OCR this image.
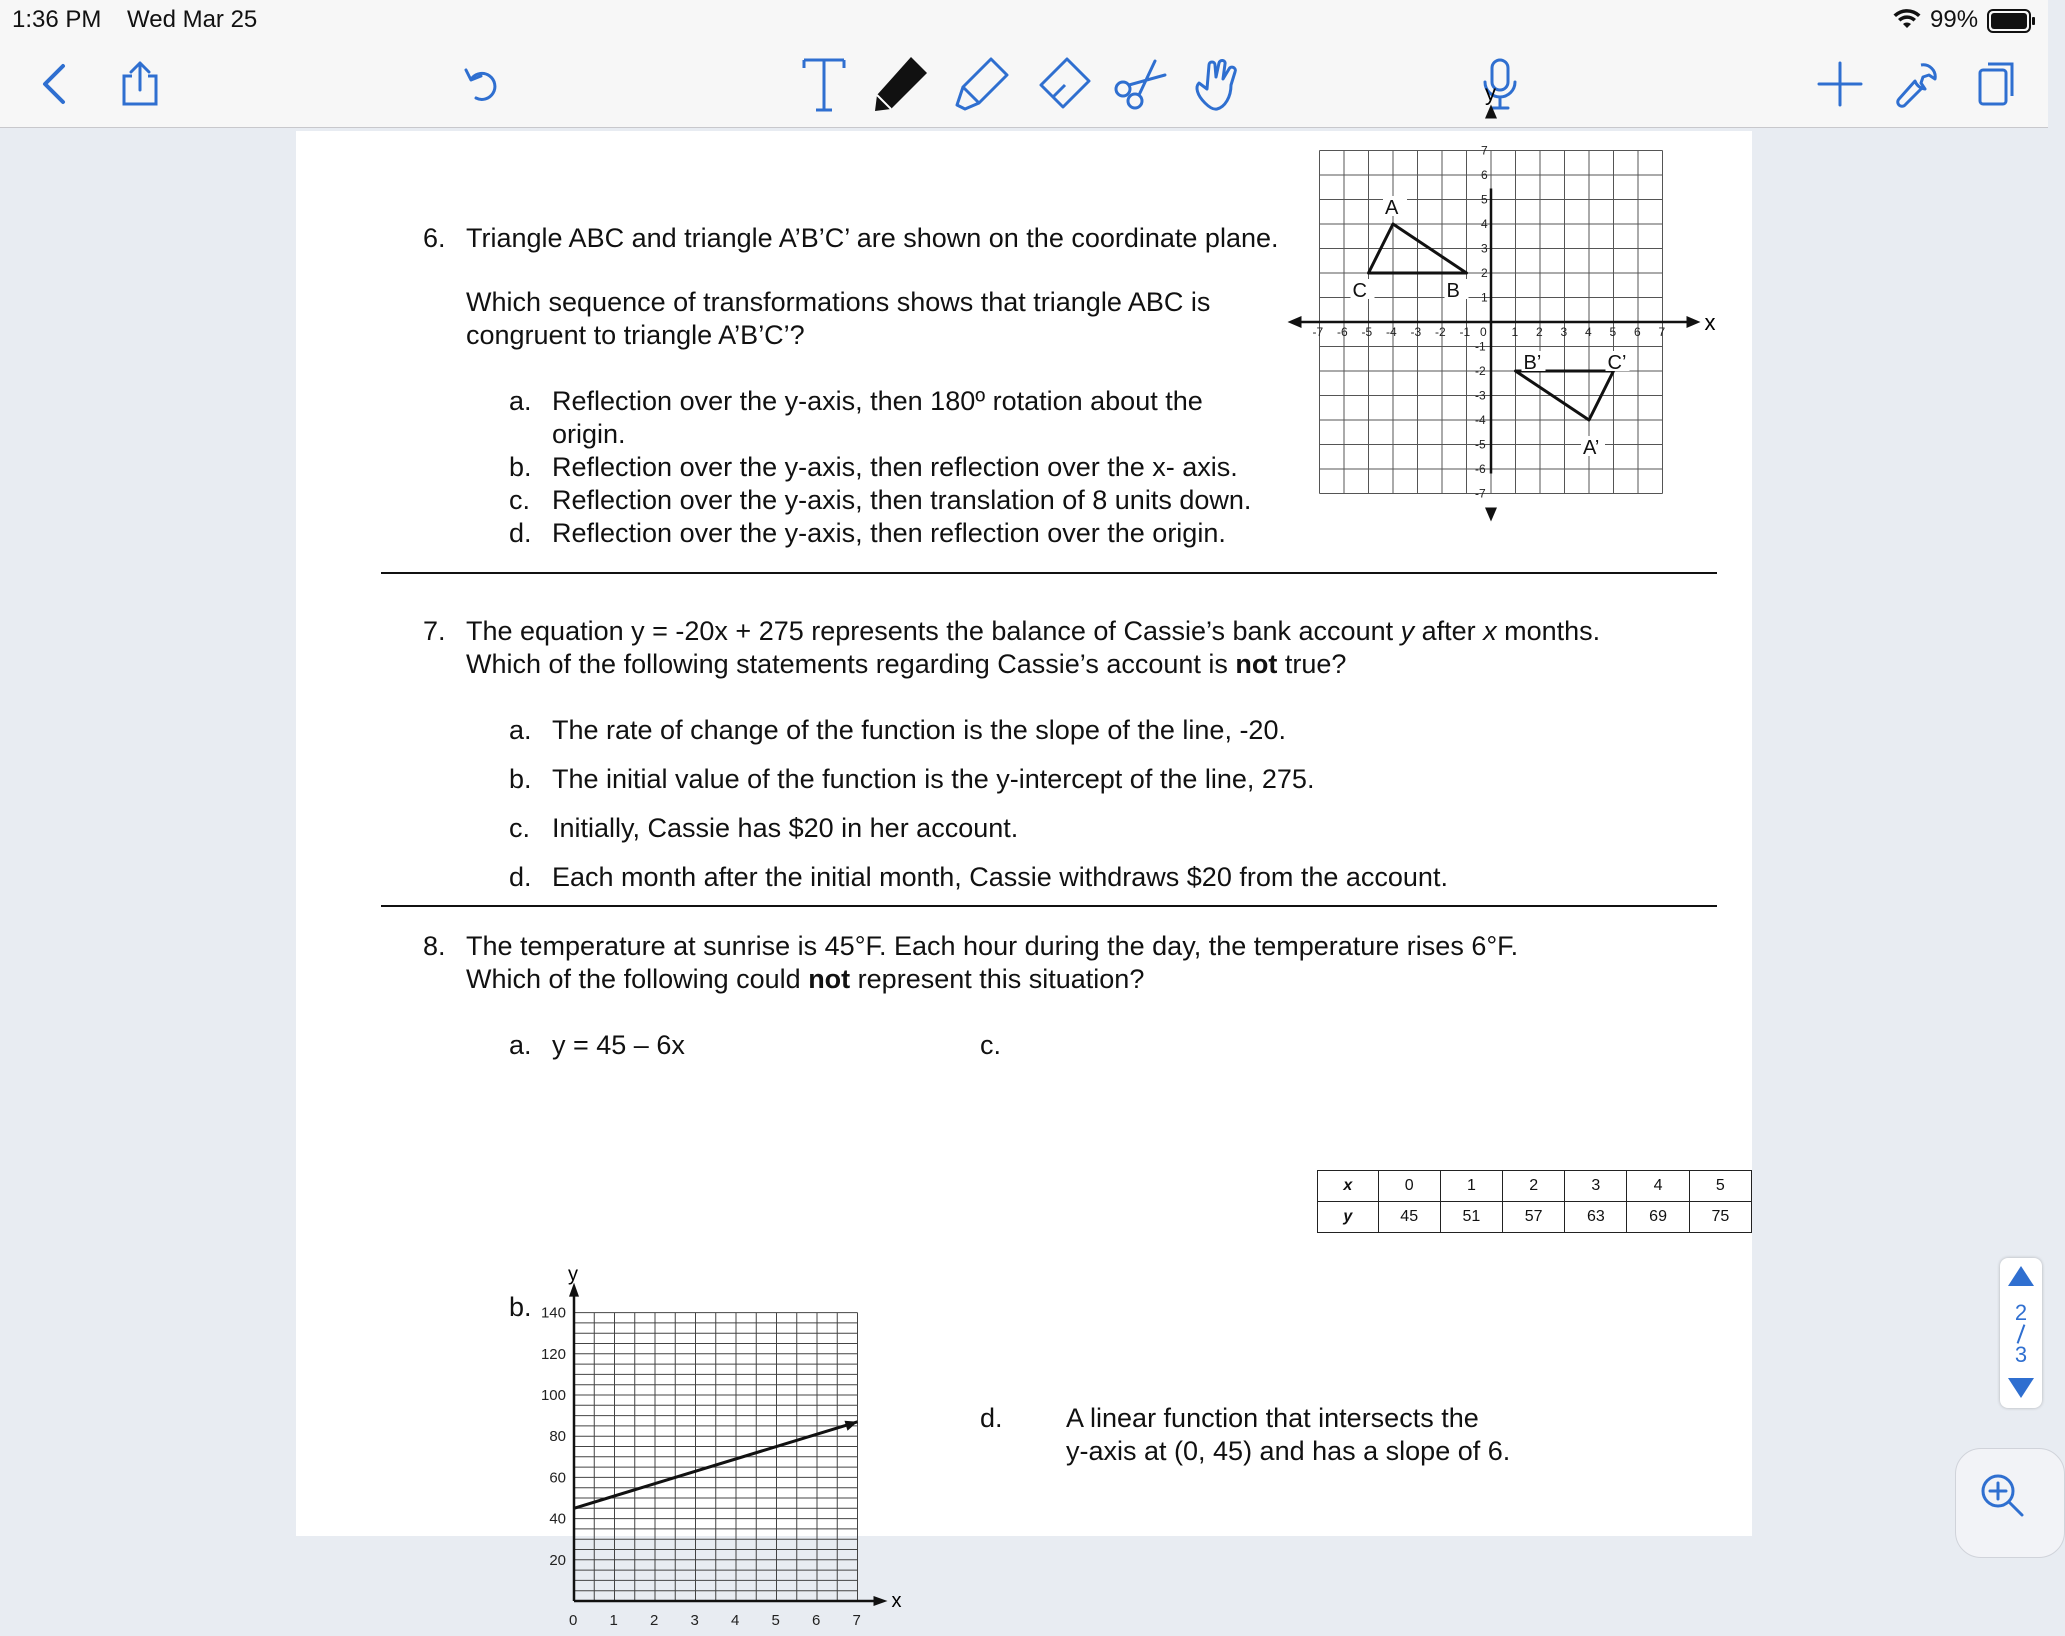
1:36 PM Wed Mar 25	99%
6. Triangle ABC and triangle A’B’C’ are shown on the coordinate plane.
Which sequence of transformations shows that triangle ABC is
congruent to triangle A’B’C’?
a. Reflection over the y-axis, then 180º rotation about the
origin.
b. Reflection over the y-axis, then reflection over the x- axis.
c. Reflection over the y-axis, then translation of 8 units down.
d. Reflection over the y-axis, then reflection over the origin.
x
y
-7 -6 -5 -4 -3 -2 -1	1 2 3 4 5 6 7
1
2
3
4
5
6
7
-1
-2
-3
-4
-5
-6
-7
0
A
B
C
A’
B’	C’
7. The equation y = -20x + 275 represents the balance of Cassie’s bank account y after x months.
Which of the following statements regarding Cassie’s account is not true?
a. The rate of change of the function is the slope of the line, -20.
b. The initial value of the function is the y-intercept of the line, 275.
c. Initially, Cassie has $20 in her account.
d. Each month after the initial month, Cassie withdraws $20 from the account.
8. The temperature at sunrise is 45°F. Each hour during the day, the temperature rises 6°F.
Which of the following could not represent this situation?
a. y = 45 – 6x	c.
x	0	1	2	3	4	5
y	45	51	57	63	69	75
b.
x
y
0 1 2 3 4 5 6 7
20
40
60
80
100
120
140
d. A linear function that intersects the
y-axis at (0, 45) and has a slope of 6.
2
3
